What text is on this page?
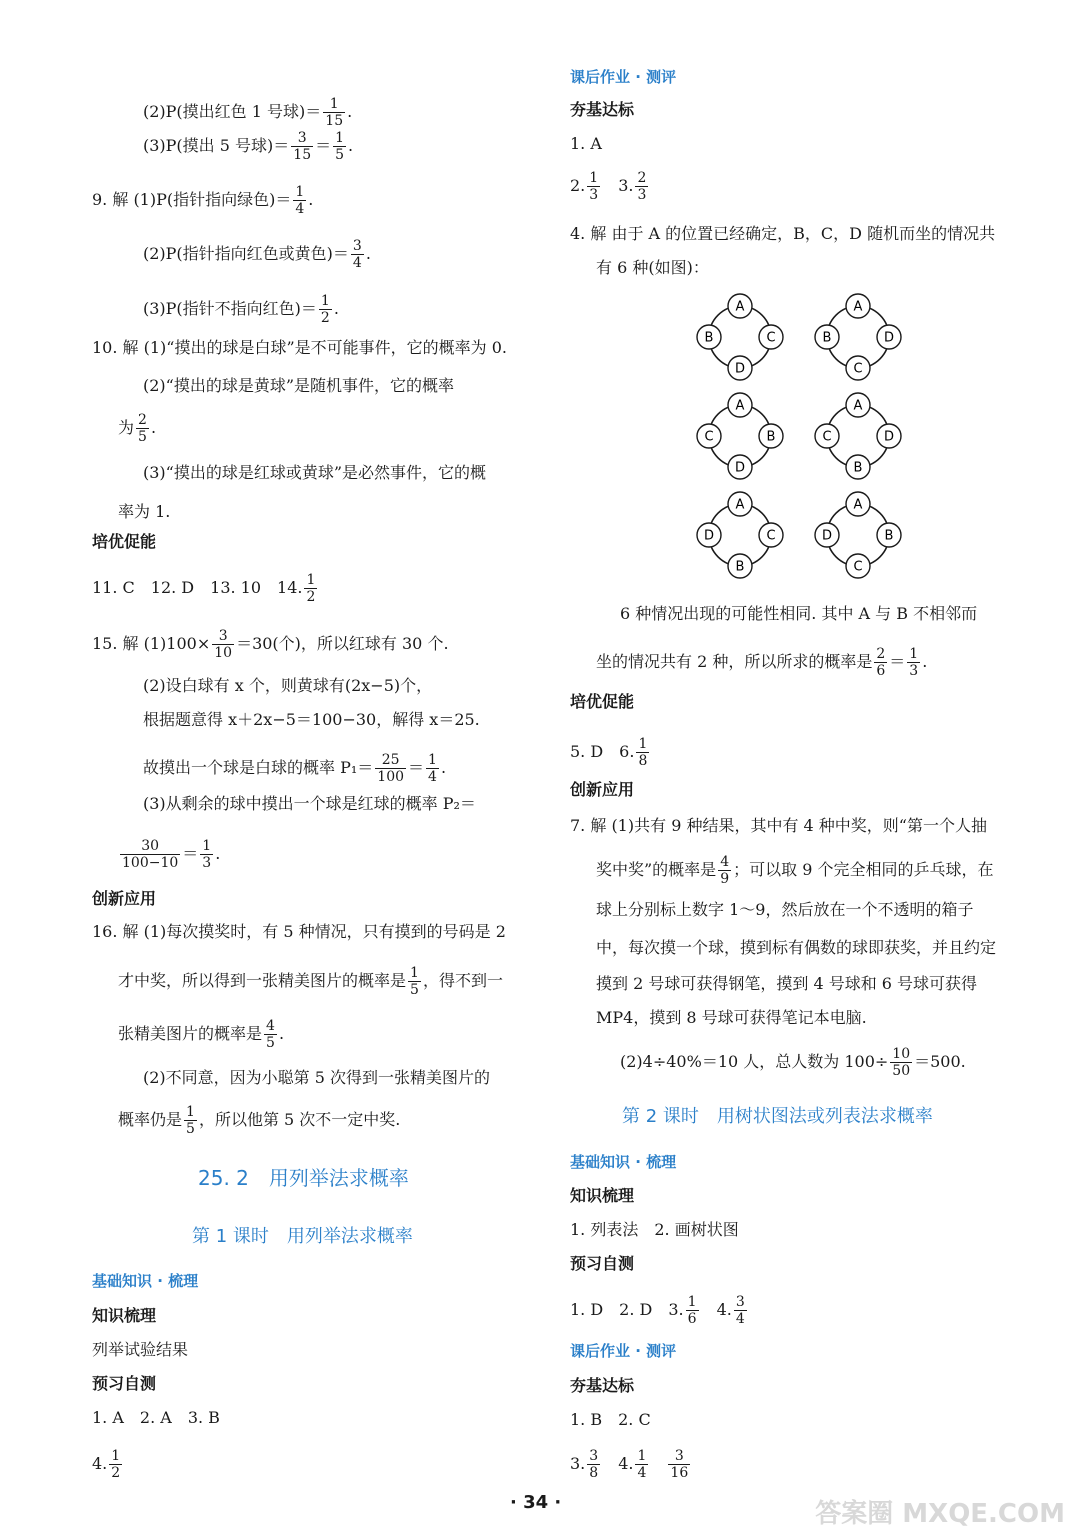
(2)P(摸出红色 1 号球)＝ $\frac{1}{15}$ .
(3)P(摸出 5 号球)＝ $\frac{3}{15} = \frac{1}{5}$ .
9. 解 (1)P(指针指向绿色)＝ $\frac{1}{4}$ .
(2)P(指针指向红色或黄色)＝ $\frac{3}{4}$ .
(3)P(指针不指向红色)＝ $\frac{1}{2}$ .
10. 解 (1)“摸出的球是白球”是不可能事件，它的概率为 0.
(2)“摸出的球是黄球”是随机事件，它的概率
为 $\frac{2}{5}$ .
(3)“摸出的球是红球或黄球”是必然事件，它的概
率为 1.
培优促能
11. C　12. D　13. 10　14. $\frac{1}{2}$
15. 解 $(1)100\times \frac{3}{10} =30$(个)，所以红球有 30 个.
(2)设白球有 x 个，则黄球有(2x−5)个，
根据题意得 x＋2x−5＝100−30，解得 x＝25.
故摸出一个球是白球的概率 $P_1= \frac{25}{100} = \frac{1}{4}$ .
(3)从剩余的球中摸出一个球是红球的概率 P₂＝
$\frac{30}{100-10} = \frac{1}{3}$ .
创新应用
16. 解 (1)每次摸奖时，有 5 种情况，只有摸到的号码是 2
才中奖，所以得到一张精美图片的概率是 $\frac{1}{5}$ ，得不到一
张精美图片的概率是 $\frac{4}{5}$ .
(2)不同意，因为小聪第 5 次得到一张精美图片的
概率仍是 $\frac{1}{5}$ ，所以他第 5 次不一定中奖.
25. 2　用列举法求概率
第 1 课时　用列举法求概率
基础知识 · 梳理
知识梳理
列举试验结果
预习自测
1. A　2. A　3. B
4. $\frac{1}{2}$
课后作业 · 测评
夯基达标
1. A
2. $\frac{1}{3}$
　 3. $\frac{2}{3}$
4. 解 由于 A 的位置已经确定，B，C，D 随机而坐的情况共
有 6 种(如图)：
A
B	C
D
A
B	D
C
A
C	B
D
A
C	D
B
A
D	C
B
A
D	B
C
6 种情况出现的可能性相同. 其中 A 与 B 不相邻而
坐的情况共有 2 种，所以所求的概率是 $\frac{2}{6} = \frac{1}{3}$ .
培优促能
5. D　6. $\frac{1}{8}$
创新应用
7. 解 (1)共有 9 种结果，其中有 4 种中奖，则“第一个人抽
奖中奖”的概率是 $\frac{4}{9}$ ；可以取 9 个完全相同的乒乓球，在
球上分别标上数字 1～9，然后放在一个不透明的箱子
中，每次摸一个球，摸到标有偶数的球即获奖，并且约定
摸到 2 号球可获得钢笔，摸到 4 号球和 6 号球可获得
MP4，摸到 8 号球可获得笔记本电脑.
(2)4÷40%＝10 人，总人数为 $100\div \frac{10}{50} =500$.
第 2 课时　用树状图法或列表法求概率
基础知识 · 梳理
知识梳理
1. 列表法　2. 画树状图
预习自测
1. D　2. D　3. $\frac{1}{6}$
　 4. $\frac{3}{4}$
课后作业 · 测评
夯基达标
1. B　2. C
3. $\frac{3}{8}$
　 4. $\frac{1}{4}$
　 $\frac{3}{16}$
· 34 ·	答案圈 MXQE.COM
